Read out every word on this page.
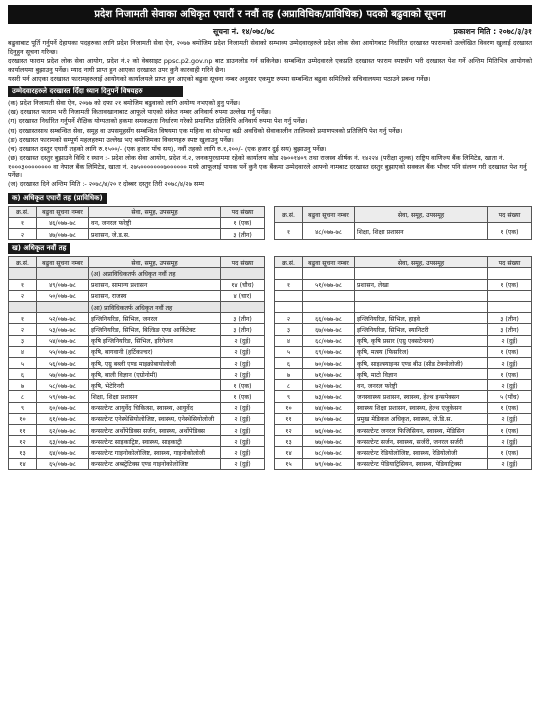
प्रदेश निजामती सेवाका अधिकृत एघारौं र नवौं तह (अप्राविधिक/प्राविधिक) पदको बढुवाको सूचना
सूचना नं. १४/०७८/७८	प्रकाशन मिति : २०७८/३/३१

बढुवाबाट पूर्ति गर्नुपर्ने देहायका पदहरुका लागि प्रदेश निजामती सेवा ऐन, २०७७ बमोजिम प्रदेश निजामती सेवाको सम्भाव्य उम्मेदवारहरुले प्रदेश लोक सेवा आयोगबाट निर्धारित दरखास्त फारामको उल्लेखित विवरण खुलाई दरखास्त दिनुहुन सूचना गरिन्छ।

दरखास्त फाराम प्रदेश लोक सेवा आयोग, प्रदेश नं.२ को वेबसाइट ppsc.p2.gov.np बाट डाउनलोड गर्न सकिनेछ। सम्बन्धित उम्मेदवारले एकप्रति दरखास्त फाराम स्पष्टसँग भरी दरखास्त पेश गर्ने अन्तिम मितिभित्र आयोगको कार्यालयमा बुझाउनु पर्नेछ। म्याद नाघी प्राप्त हुन आएका दरखास्त उपर कुनै कारवाही गरिने छैन।

यसरी पर्न आएका दरखास्त फारामहरुलाई आयोगको कार्यालयले प्राप्त हुन आएको बढुवा सूचना नम्बर अनुसार एकमुष्ट रुपमा सम्बन्धित बढुवा समितिको सचिवालयमा पठाउने प्रबन्ध गर्नेछ।

उम्मेदवारहरुले दरखास्त दिँदा ध्यान दिनुपर्ने विषयहरु
(क) प्रदेश निजामती सेवा ऐन, २०७७ को दफा २१ बमोजिम बढुवाको लागि अयोग्य नभएको हुनु पर्नेछ।
(ख) दरखास्त फाराम भरी निजामती कितावखानाबाट आफूले पाएको संकेत नम्बर अनिवार्य रुपमा उल्लेख गर्नु पर्नेछ।
(ग) दरखास्त निर्धारित गर्नुपर्ने शैक्षिक योग्यताको हकमा समकक्षता निर्धारण गरेको प्रमाणित प्रतिलिपि अनिवार्य रुपमा पेश गर्नु पर्नेछ।
(घ) दरखास्तसाथ सम्बन्धित सेवा, समूह वा उपसमूहसँग सम्बन्धित विषयमा एक महिना वा सोभन्दा बढी अवधिको सेवाकालीन तालिमको प्रमाणपत्रको प्रतिलिपि पेश गर्नु पर्नेछ।
(ङ) दरखास्त फारामको सम्पूर्ण महलहरुमा उल्लेख भए बमोजिमका विवरणहरु स्पष्ट खुलाउनु पर्नेछ।
(च) दरखास्त दस्तुर एघारौं तहको लागि रु.१५००/- (एक हजार पाँच सय), नवौं तहको लागि रु.१,२००/- (एक हजार दुई सय) बुझाउनु पर्नेछ।
(छ) दरखास्त दस्तुर बुझाउने विधि र स्थान :- प्रदेश लोक सेवा आयोग, प्रदेश नं.२, जनकपुरधाममा रहेको कार्यालय कोड २७००१४०९ तथा राजस्व शीर्षक नं. १४२२४ (परीक्षा शुल्क) राष्ट्रिय वाणिज्य बैंक लिमिटेड, खाता नं. १०००३०००००००० वा नेपाल बैंक लिमिटेड, खाता नं. २७५०००००००७०००००० मध्ये आफूलाई पायक पर्ने कुनै एक बैंकमा उम्मेदवारले आफ्नो नामबाट दरखास्त दस्तुर बुझाएको सक्कल बैंक भौचर पनि संलग्न गरी दरखास्त पेश गर्नु पर्नेछ।
(ज) दरखास्त दिने अन्तिम मिति :- २०७८/४/२० र दोब्बर दस्तुर तिरी २०७८/४/२७ सम्म
क) अधिकृत एघारौं तह (प्राविधिक)
क्र.सं.	बढुवा सूचना नम्बर	सेवा, समूह, उपसमूह	पद संख्या
१	४६/०७७-७८	वन, जनरल फरेष्ट्री	१ (एक)
२	४७/०७७-७८	प्रशासन, जे.ड.स.	३ (तीन)
क्र.सं.	बढुवा सूचना नम्बर	सेवा, समूह, उपसमूह	पद संख्या
१	४८/०७७-७८	शिक्षा, शिक्षा प्रशासन	१ (एक)
ख) अधिकृत नवौं तह
क्र.सं.	बढुवा सूचना नम्बर	सेवा, समूह, उपसमूह	पद संख्या
		(अ) अप्राविधिकतर्फ अधिकृत नवौं तह	
१	४९/०७७-७८	प्रशासन, सामान्य प्रशासन	१४ (चौध)
२	५०/०७७-७८	प्रशासन, राजस्व	४ (चार)
		(आ) प्राविधिकतर्फ अधिकृत नवौं तह	
१	५२/०७७-७८	इन्जिनियरिङ, सिभिल, जनरल	३ (तीन)
२	५३/०७७-७८	इन्जिनियरिङ, सिभिल, बिल्डिङ एण्ड आर्किटेक्ट	३ (तीन)
३	५४/०७७-७८	कृषि इन्जिनियरिङ, सिभिल, इरिगेशन	२ (दुई)
४	५५/०७७-७८	कृषि, बागवानी (हर्टिकल्चर)	२ (दुई)
५	५६/०७७-७८	कृषि, एग्रु बब्ली एण्ड माइक्रोबायोलोजी	२ (दुई)
६	५७/०७७-७८	कृषि, बाली विज्ञान (एग्रोनोमी)	२ (दुई)
७	५८/०७७-७८	कृषि, भेटेरिनरी	१ (एक)
८	५९/०७७-७८	शिक्षा, शिक्षा प्रशासन	१ (एक)
९	६०/०७७-७८	कन्सल्टेन्ट आयुर्वेद चिकित्सा, स्वास्थ्य, आयुर्वेद	२ (दुई)
१०	६१/०७७-७८	कन्सल्टेन्ट एनेस्थेसियोलोजिष्ट, स्वास्थ्य, एनेस्थेसियोलोजी	२ (दुई)
११	६२/०७७-७८	कन्सल्टेन्ट अर्थोपेडिक्स सर्जन, स्वास्थ्य, अर्थोपेडिक्स	२ (दुई)
१२	६३/०७७-७८	कन्सल्टेन्ट साइकाट्रिष्ट, स्वास्थ्य, साइकाट्री	२ (दुई)
१३	६४/०७७-७८	कन्सल्टेन्ट गाइनोकोलोजिष्ट, स्वास्थ्य, गाइनोकोलोजी	२ (दुई)
१४	६५/०७७-७८	कन्सल्टेन्ट अब्स्ट्रेटिक्स एण्ड गाइनोकोलोजिष्ट	२ (दुई)
क्र.सं.	बढुवा सूचना नम्बर	सेवा, समूह, उपसमूह	पद संख्या

१	५१/०७७-७८	प्रशासन, लेखा	१ (एक)

२	६६/०७७-७८	इन्जिनियरिङ, सिभिल, हाइवे	३ (तीन)
३	६७/०७७-७८	इन्जिनियरिङ, सिभिल, स्यानिटरी	३ (तीन)
४	६८/०७७-७८	कृषि, कृषि प्रसार (एग्रु एक्सटेन्सन)	२ (दुई)
५	६९/०७७-७८	कृषि, मत्स्य (फिसरिज)	१ (एक)
६	७०/०७७-७८	कृषि, साइल्स्याइन्स एण्ड बीउ (सीड टेक्नोलोजी)	२ (दुई)
७	७१/०७७-७८	कृषि, माटो विज्ञान	१ (एक)
८	७२/०७७-७८	वन, जनरल फरेष्ट्री	२ (दुई)
९	७३/०७७-७८	जनस्वास्थ्य प्रशासन, स्वास्थ्य, हेल्थ इन्सपेक्सन	५ (पाँच)
१०	७४/०७७-७८	स्वास्थ्य शिक्षा प्रशासन, स्वास्थ्य, हेल्थ एजुकेसन	१ (एक)
११	७५/०७७-७८	प्रमुख मेडिकल अधिकृत, स्वास्थ्य, जे.डि.स.	२ (दुई)
१२	७६/०७७-७८	कन्सल्टेन्ट जनरल फिजिसियन, स्वास्थ्य, मेडिसिन	१ (एक)
१३	७७/०७७-७८	कन्सल्टेन्ट सर्जन, स्वास्थ्य, सर्जरी, जनरल सर्जरी	२ (दुई)
१४	७८/०७७-७८	कन्सल्टेन्ट रेडियोलोजिष्ट, स्वास्थ्य, रेडियोलोजी	१ (एक)
१५	७९/०७७-७८	कन्सल्टेन्ट पेडियाट्रिसियन, स्वास्थ्य, पेडियाट्रिक्स	२ (दुई)
